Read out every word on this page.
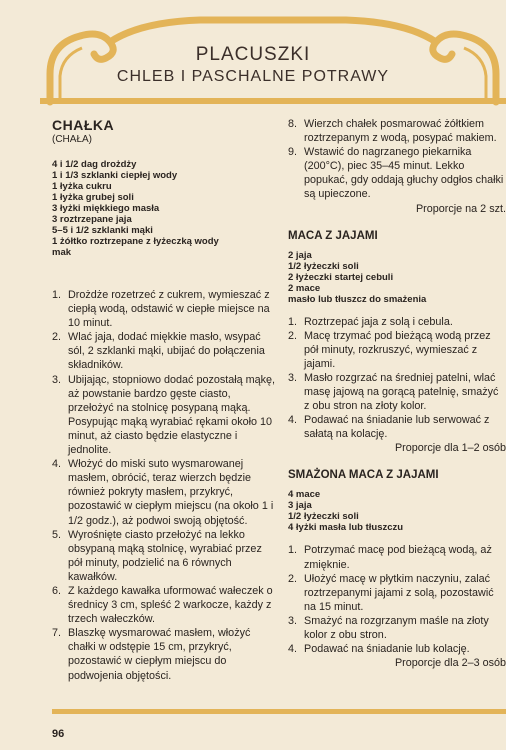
PLACUSZKI
CHLEB I PASCHALNE POTRAWY
CHAŁKA
(CHAŁA)
4 i 1/2 dag drożdży
1 i 1/3 szklanki ciepłej wody
1 łyżka cukru
1 łyżka grubej soli
3 łyżki miękkiego masła
3 roztrzepane jaja
5–5 i 1/2 szklanki mąki
1 żółtko roztrzepane z łyżeczką wody
mak
1. Drożdże rozetrzeć z cukrem, wymieszać z ciepłą wodą, odstawić w ciepłe miejsce na 10 minut.
2. Wlać jaja, dodać miękkie masło, wsypać sól, 2 szklanki mąki, ubijać do połączenia składników.
3. Ubijając, stopniowo dodać pozostałą mąkę, aż powstanie bardzo gęste ciasto, przełożyć na stolnicę posypaną mąką. Posypując mąką wyrabiać rękami około 10 minut, aż ciasto będzie elastyczne i jednolite.
4. Włożyć do miski suto wysmarowanej masłem, obrócić, teraz wierzch będzie również pokryty masłem, przykryć, pozostawić w ciepłym miejscu (na około 1 i 1/2 godz.), aż podwoi swoją objętość.
5. Wyrośnięte ciasto przełożyć na lekko obsypaną mąką stolnicę, wyrabiać przez pół minuty, podzielić na 6 równych kawałków.
6. Z każdego kawałka uformować wałeczek o średnicy 3 cm, spleść 2 warkocze, każdy z trzech wałeczków.
7. Blaszkę wysmarować masłem, włożyć chałki w odstępie 15 cm, przykryć, pozostawić w ciepłym miejscu do podwojenia objętości.
8. Wierzch chałek posmarować żółtkiem roztrzepanym z wodą, posypać makiem.
9. Wstawić do nagrzanego piekarnika (200°C), piec 35–45 minut. Lekko popukać, gdy oddają głuchy odgłos chałki są upieczone.
Proporcje na 2 szt.
MACA Z JAJAMI
2 jaja
1/2 łyżeczki soli
2 łyżeczki startej cebuli
2 mace
masło lub tłuszcz do smażenia
1. Roztrzepać jaja z solą i cebula.
2. Macę trzymać pod bieżącą wodą przez pół minuty, rozkruszyć, wymieszać z jajami.
3. Masło rozgrzać na średniej patelni, wlać masę jajową na gorącą patelnię, smażyć z obu stron na złoty kolor.
4. Podawać na śniadanie lub serwować z sałatą na kolację.
Proporcje dla 1–2 osób
SMAŻONA MACA Z JAJAMI
4 mace
3 jaja
1/2 łyżeczki soli
4 łyżki masła lub tłuszczu
1. Potrzymać macę pod bieżącą wodą, aż zmięknie.
2. Ułożyć macę w płytkim naczyniu, zalać roztrzepanymi jajami z solą, pozostawić na 15 minut.
3. Smażyć na rozgrzanym maśle na złoty kolor z obu stron.
4. Podawać na śniadanie lub kolację.
Proporcje dla 2–3 osób
96
